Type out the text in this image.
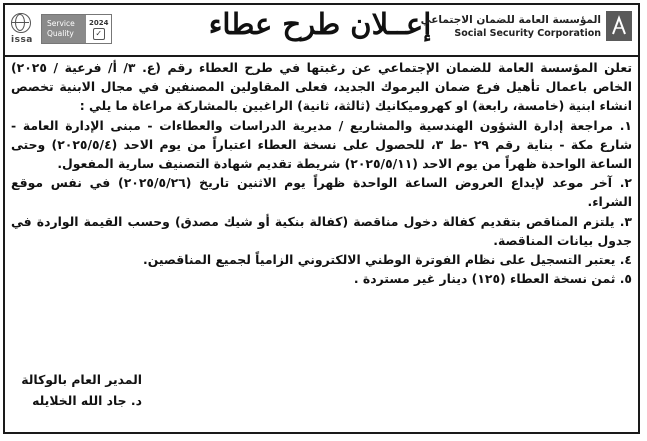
issa
Service
Quality
2024
✓	إعــلان طرح عطاء
المؤسسة العامة للضمان الاجتماعي
Social Security Corporation

تعلن المؤسسة العامة للضمان الإجتماعي عن رغبتها في طرح العطاء رقم (ع. ٣/ أ/ فرعية / ٢٠٢٥) الخاص باعمال تأهيل فرع ضمان اليرموك الجديد، فعلى المقاولين المصنفين في مجال الابنية تخصص انشاء ابنية (خامسة، رابعة) او كهروميكانيك (ثالثة، ثانية) الراغبين بالمشاركة مراعاة ما يلي :

١. مراجعة إدارة الشؤون الهندسية والمشاريع / مديرية الدراسات والعطاءات - مبنى الإدارة العامة - شارع مكة - بناية رقم ٢٩ -ط ٣، للحصول على نسخة العطاء اعتباراً من يوم الاحد (٢٠٢٥/٥/٤) وحتى الساعة الواحدة ظهراً من يوم الاحد (٢٠٢٥/٥/١١) شريطة تقديم شهادة التصنيف سارية المفعول.

٢. آخر موعد لإيداع العروض الساعة الواحدة ظهراً يوم الاثنين تاريخ (٢٠٢٥/٥/٢٦) في نفس موقع الشراء.

٣. يلتزم المناقص بتقديم كفالة دخول مناقصة (كفالة بنكية أو شيك مصدق) وحسب القيمة الواردة في جدول بيانات المناقصة.

٤. يعتبر التسجيل على نظام الفوترة الوطني الالكتروني الزامياً لجميع المناقصين.

٥. ثمن نسخة العطاء (١٢٥) دينار غير مستردة .

المدير العام بالوكالة
د. جاد الله الخلايله
